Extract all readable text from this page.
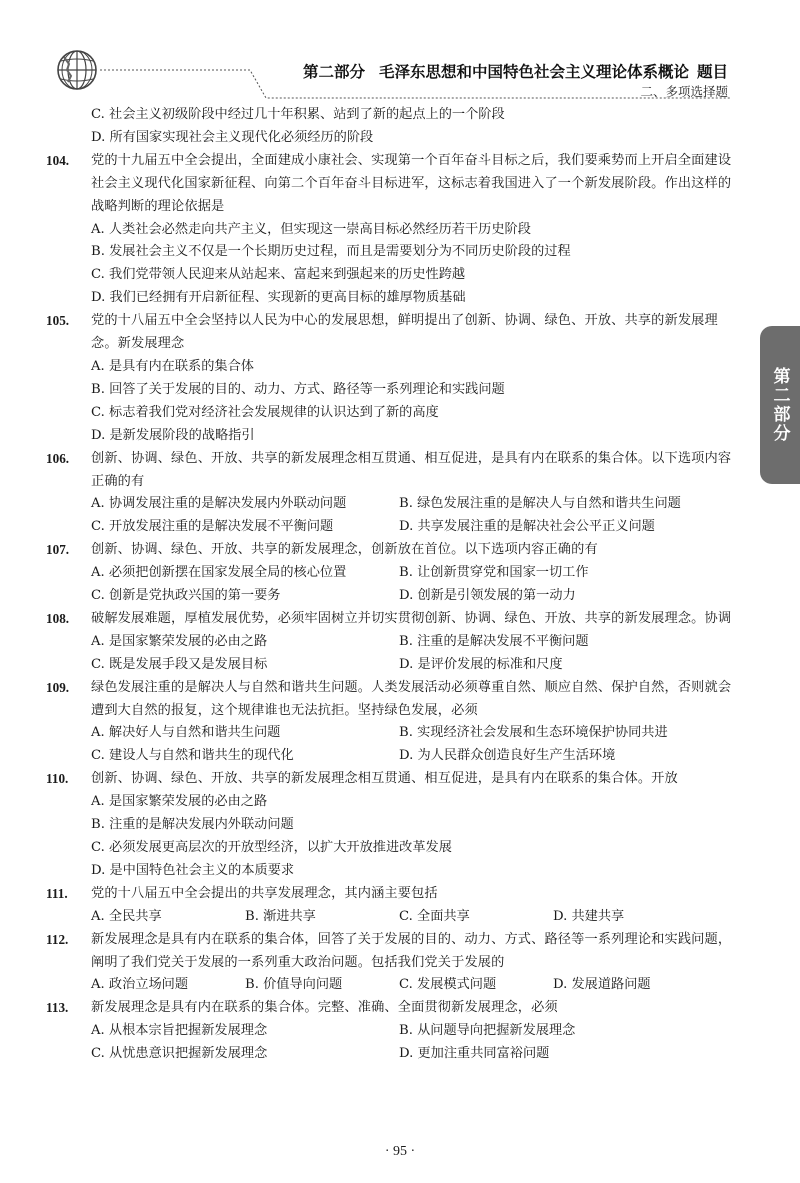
第二部分 毛泽东思想和中国特色社会主义理论体系概论 题目
二、多项选择题
第二部分
C. 社会主义初级阶段中经过几十年积累、站到了新的起点上的一个阶段
D. 所有国家实现社会主义现代化必须经历的阶段
104.	党的十九届五中全会提出，全面建成小康社会、实现第一个百年奋斗目标之后，我们要乘势而上开启全面建设社会主义现代化国家新征程、向第二个百年奋斗目标进军，这标志着我国进入了一个新发展阶段。作出这样的战略判断的理论依据是
A. 人类社会必然走向共产主义，但实现这一崇高目标必然经历若干历史阶段
B. 发展社会主义不仅是一个长期历史过程，而且是需要划分为不同历史阶段的过程
C. 我们党带领人民迎来从站起来、富起来到强起来的历史性跨越
D. 我们已经拥有开启新征程、实现新的更高目标的雄厚物质基础
105.	党的十八届五中全会坚持以人民为中心的发展思想，鲜明提出了创新、协调、绿色、开放、共享的新发展理念。新发展理念
A. 是具有内在联系的集合体
B. 回答了关于发展的目的、动力、方式、路径等一系列理论和实践问题
C. 标志着我们党对经济社会发展规律的认识达到了新的高度
D. 是新发展阶段的战略指引
106.	创新、协调、绿色、开放、共享的新发展理念相互贯通、相互促进，是具有内在联系的集合体。以下选项内容正确的有
A. 协调发展注重的是解决发展内外联动问题	B. 绿色发展注重的是解决人与自然和谐共生问题
C. 开放发展注重的是解决发展不平衡问题	D. 共享发展注重的是解决社会公平正义问题
107.	创新、协调、绿色、开放、共享的新发展理念，创新放在首位。以下选项内容正确的有
A. 必须把创新摆在国家发展全局的核心位置	B. 让创新贯穿党和国家一切工作
C. 创新是党执政兴国的第一要务	D. 创新是引领发展的第一动力
108.	破解发展难题，厚植发展优势，必须牢固树立并切实贯彻创新、协调、绿色、开放、共享的新发展理念。协调
A. 是国家繁荣发展的必由之路	B. 注重的是解决发展不平衡问题
C. 既是发展手段又是发展目标	D. 是评价发展的标准和尺度
109.	绿色发展注重的是解决人与自然和谐共生问题。人类发展活动必须尊重自然、顺应自然、保护自然，否则就会遭到大自然的报复，这个规律谁也无法抗拒。坚持绿色发展，必须
A. 解决好人与自然和谐共生问题	B. 实现经济社会发展和生态环境保护协同共进
C. 建设人与自然和谐共生的现代化	D. 为人民群众创造良好生产生活环境
110.	创新、协调、绿色、开放、共享的新发展理念相互贯通、相互促进，是具有内在联系的集合体。开放
A. 是国家繁荣发展的必由之路
B. 注重的是解决发展内外联动问题
C. 必须发展更高层次的开放型经济，以扩大开放推进改革发展
D. 是中国特色社会主义的本质要求
111.	党的十八届五中全会提出的共享发展理念，其内涵主要包括
A. 全民共享	B. 渐进共享	C. 全面共享	D. 共建共享
112.	新发展理念是具有内在联系的集合体，回答了关于发展的目的、动力、方式、路径等一系列理论和实践问题，阐明了我们党关于发展的一系列重大政治问题。包括我们党关于发展的
A. 政治立场问题	B. 价值导向问题	C. 发展模式问题	D. 发展道路问题
113.	新发展理念是具有内在联系的集合体。完整、准确、全面贯彻新发展理念，必须
A. 从根本宗旨把握新发展理念	B. 从问题导向把握新发展理念
C. 从忧患意识把握新发展理念	D. 更加注重共同富裕问题
· 95 ·
